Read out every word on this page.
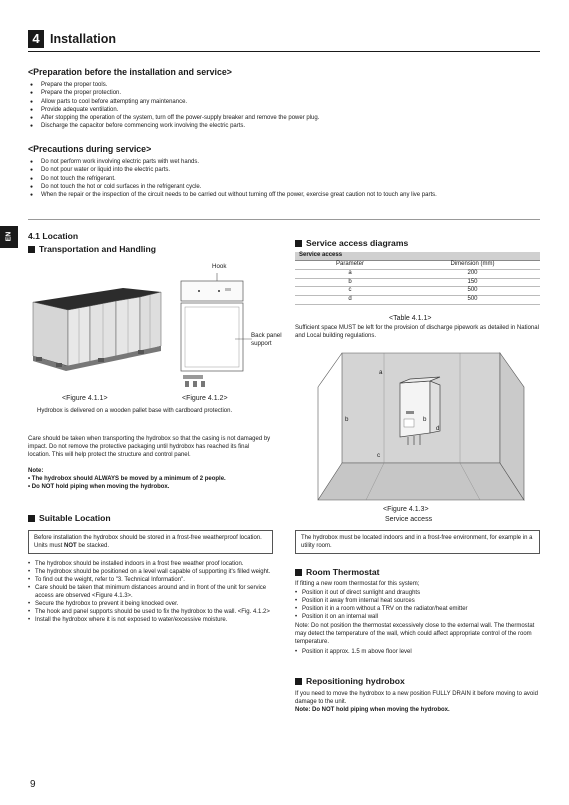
4 Installation
<Preparation before the installation and service>
● Prepare the proper tools.
● Prepare the proper protection.
● Allow parts to cool before attempting any maintenance.
● Provide adequate ventilation.
● After stopping the operation of the system, turn off the power-supply breaker and remove the power plug.
● Discharge the capacitor before commencing work involving the electric parts.
<Precautions during service>
● Do not perform work involving electric parts with wet hands.
● Do not pour water or liquid into the electric parts.
● Do not touch the refrigerant.
● Do not touch the hot or cold surfaces in the refrigerant cycle.
● When the repair or the inspection of the circuit needs to be carried out without turning off the power, exercise great caution not to touch any live parts.
EN 4.1 Location
Transportation and Handling
Hook
Back panel
support
<Figure 4.1.1>	<Figure 4.1.2>
Hydrobox is delivered on a wooden pallet base with cardboard protection.
Care should be taken when transporting the hydrobox so that the casing is not damaged by impact. Do not remove the protective packaging until hydrobox has reached its final location. This will help protect the structure and control panel.
Note:
• The hydrobox should ALWAYS be moved by a minimum of 2 people.
• Do NOT hold piping when moving the hydrobox.
Suitable Location
Before installation the hydrobox should be stored in a frost-free weatherproof location. Units must NOT be stacked.
• The hydrobox should be installed indoors in a frost free weather proof location.
• The hydrobox should be positioned on a level wall capable of supporting it's filled weight.
• To find out the weight, refer to "3. Technical Information".
• Care should be taken that minimum distances around and in front of the unit for service access are observed <Figure 4.1.3>.
• Secure the hydrobox to prevent it being knocked over.
• The hook and panel supports should be used to fix the hydrobox to the wall. <Fig. 4.1.2>
• Install the hydrobox where it is not exposed to water/excessive moisture.
Service access diagrams
Service access	
Parameter	Dimension (mm)
a	200
b	150
c	500
d	500
<Table 4.1.1>
Sufficient space MUST be left for the provision of discharge pipework as detailed in National and Local building regulations.
a
b	b
c
d
<Figure 4.1.3>
Service access
The hydrobox must be located indoors and in a frost-free environment, for example in a utility room.
Room Thermostat
If fitting a new room thermostat for this system;
• Position it out of direct sunlight and draughts
• Position it away from internal heat sources
• Position it in a room without a TRV on the radiator/heat emitter
• Position it on an internal wall
Note: Do not position the thermostat excessively close to the external wall. The thermostat may detect the temperature of the wall, which could affect appropriate control of the room temperature.
• Position it approx. 1.5 m above floor level
Repositioning hydrobox
If you need to move the hydrobox to a new position FULLY DRAIN it before moving to avoid damage to the unit.
Note: Do NOT hold piping when moving the hydrobox.
9
